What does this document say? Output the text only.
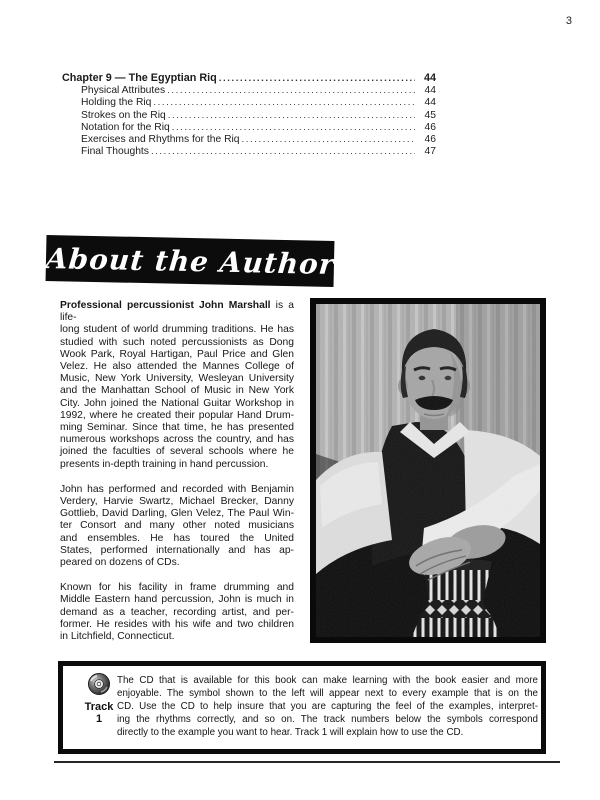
3
Chapter 9 — The Egyptian Riq .....	44
Physical Attributes .....	44
Holding the Riq .....	44
Strokes on the Riq .....	45
Notation for the Riq .....	46
Exercises and Rhythms for the Riq .....	46
Final Thoughts .....	47
About the Author
Professional percussionist John Marshall is a life-
long student of world drumming traditions. He has
studied with such noted percussionists as Dong
Wook Park, Royal Hartigan, Paul Price and Glen
Velez. He also attended the Mannes College of
Music, New York University, Wesleyan University
and the Manhattan School of Music in New York
City. John joined the National Guitar Workshop in
1992, where he created their popular Hand Drum-
ming Seminar. Since that time, he has presented
numerous workshops across the country, and has
joined the faculties of several schools where he
presents in-depth training in hand percussion.
John has performed and recorded with Benjamin
Verdery, Harvie Swartz, Michael Brecker, Danny
Gottlieb, David Darling, Glen Velez, The Paul Win-
ter Consort and many other noted musicians
and ensembles. He has toured the United
States, performed internationally and has ap-
peared on dozens of CDs.
Known for his facility in frame drumming and
Middle Eastern hand percussion, John is much in
demand as a teacher, recording artist, and per-
former. He resides with his wife and two children
in Litchfield, Connecticut.
Track
1
The CD that is available for this book can make learning with the book easier and more
enjoyable. The symbol shown to the left will appear next to every example that is on the
CD. Use the CD to help insure that you are capturing the feel of the examples, interpret-
ing the rhythms correctly, and so on. The track numbers below the symbols correspond
directly to the example you want to hear. Track 1 will explain how to use the CD.
